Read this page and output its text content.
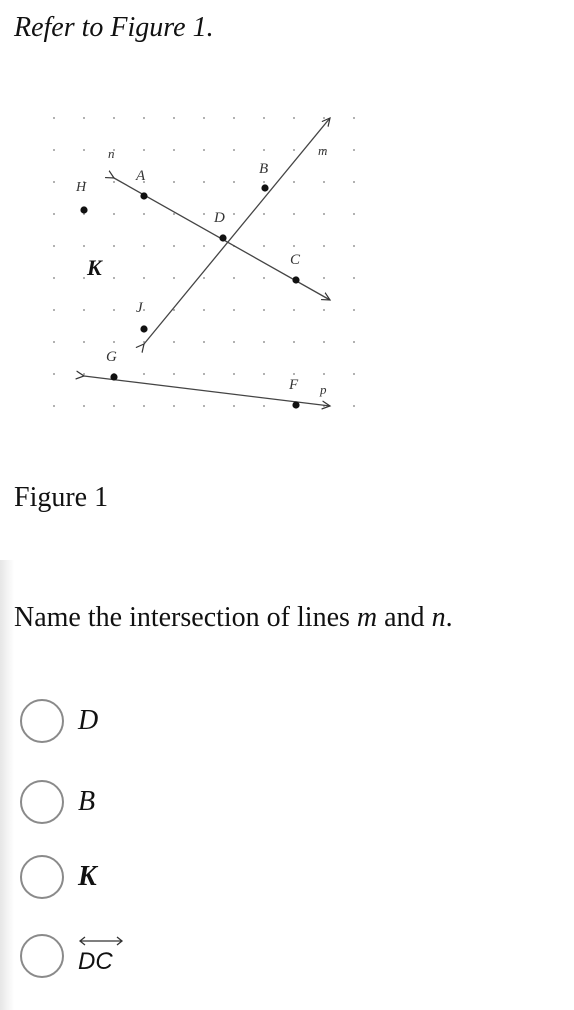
Refer to Figure 1.
H
n
A
D
B
m
C
J
G
F p
K
Figure 1
Name the intersection of lines m and n.
D
B
K
DC
